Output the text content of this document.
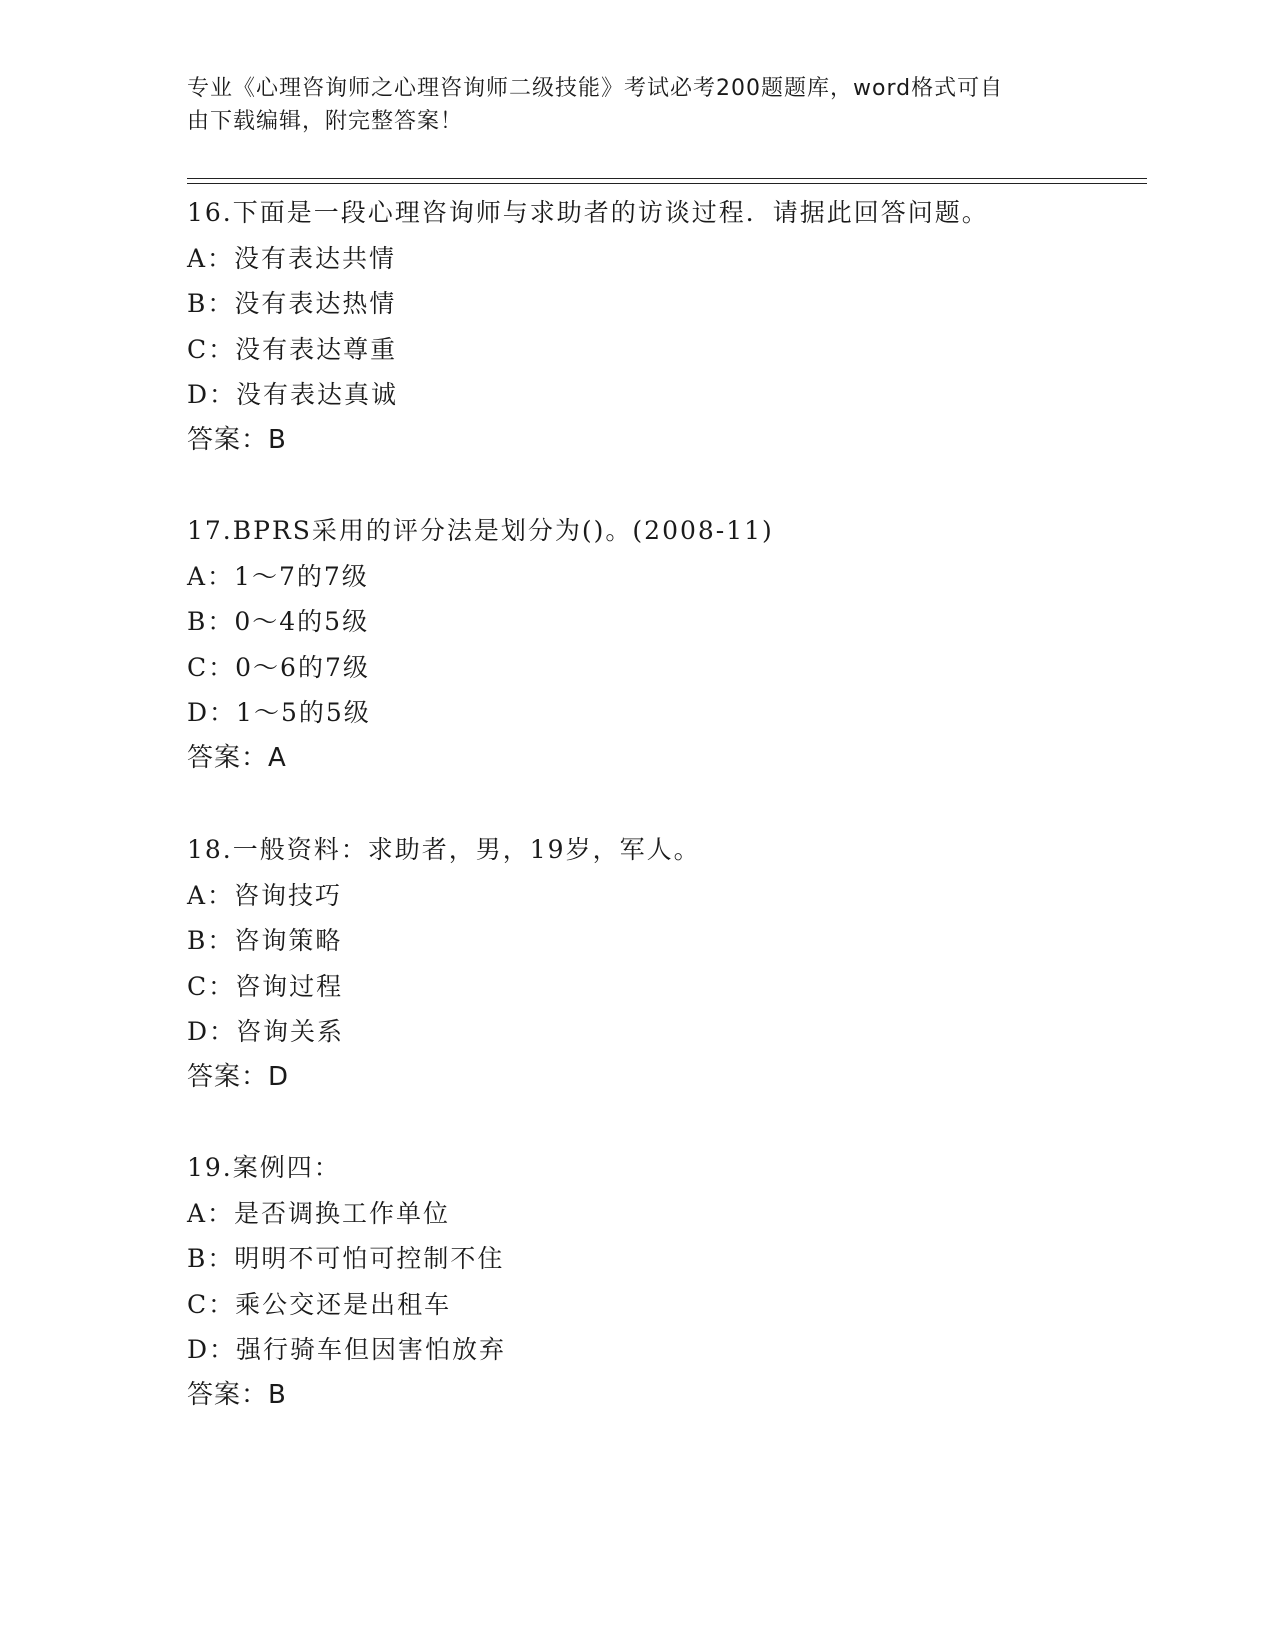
专业《心理咨询师之心理咨询师二级技能》考试必考200题题库，word格式可自
由下载编辑，附完整答案！
16.下面是一段心理咨询师与求助者的访谈过程．请据此回答问题。
A：没有表达共情
B：没有表达热情
C：没有表达尊重
D：没有表达真诚
答案：B
17.BPRS采用的评分法是划分为()。(2008-11)
A：1～7的7级
B：0～4的5级
C：0～6的7级
D：1～5的5级
答案：A
18.一般资料：求助者，男，19岁，军人。
A：咨询技巧
B：咨询策略
C：咨询过程
D：咨询关系
答案：D
19.案例四：
A：是否调换工作单位
B：明明不可怕可控制不住
C：乘公交还是出租车
D：强行骑车但因害怕放弃
答案：B
